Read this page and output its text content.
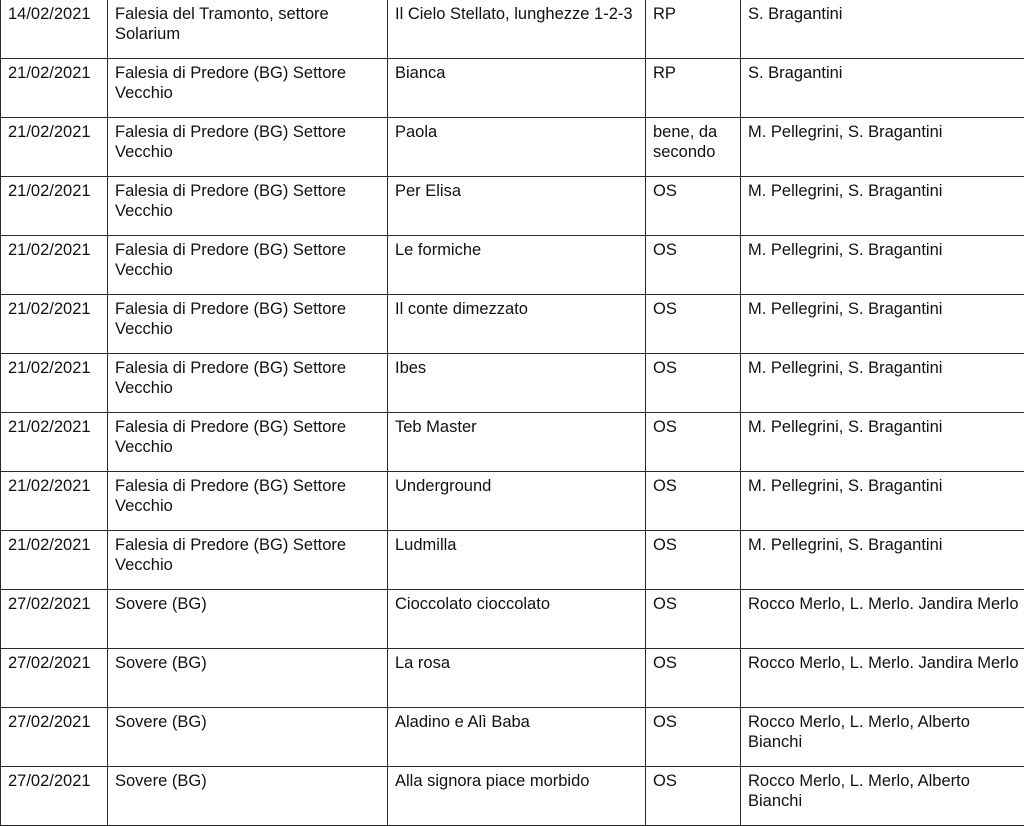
14/02/2021	Falesia del Tramonto, settore Solarium	Il Cielo Stellato, lunghezze 1-2-3	RP	S. Bragantini
21/02/2021	Falesia di Predore (BG) Settore Vecchio	Bianca	RP	S. Bragantini
21/02/2021	Falesia di Predore (BG) Settore Vecchio	Paola	bene, da secondo	M. Pellegrini, S. Bragantini
21/02/2021	Falesia di Predore (BG) Settore Vecchio	Per Elisa	OS	M. Pellegrini, S. Bragantini
21/02/2021	Falesia di Predore (BG) Settore Vecchio	Le formiche	OS	M. Pellegrini, S. Bragantini
21/02/2021	Falesia di Predore (BG) Settore Vecchio	Il conte dimezzato	OS	M. Pellegrini, S. Bragantini
21/02/2021	Falesia di Predore (BG) Settore Vecchio	Ibes	OS	M. Pellegrini, S. Bragantini
21/02/2021	Falesia di Predore (BG) Settore Vecchio	Teb Master	OS	M. Pellegrini, S. Bragantini
21/02/2021	Falesia di Predore (BG) Settore Vecchio	Underground	OS	M. Pellegrini, S. Bragantini
21/02/2021	Falesia di Predore (BG) Settore Vecchio	Ludmilla	OS	M. Pellegrini, S. Bragantini
27/02/2021	Sovere (BG)	Cioccolato cioccolato	OS	Rocco Merlo, L. Merlo. Jandira Merlo
27/02/2021	Sovere (BG)	La rosa	OS	Rocco Merlo, L. Merlo. Jandira Merlo
27/02/2021	Sovere (BG)	Aladino e Alì Baba	OS	Rocco Merlo, L. Merlo, Alberto Bianchi
27/02/2021	Sovere (BG)	Alla signora piace morbido	OS	Rocco Merlo, L. Merlo, Alberto Bianchi
